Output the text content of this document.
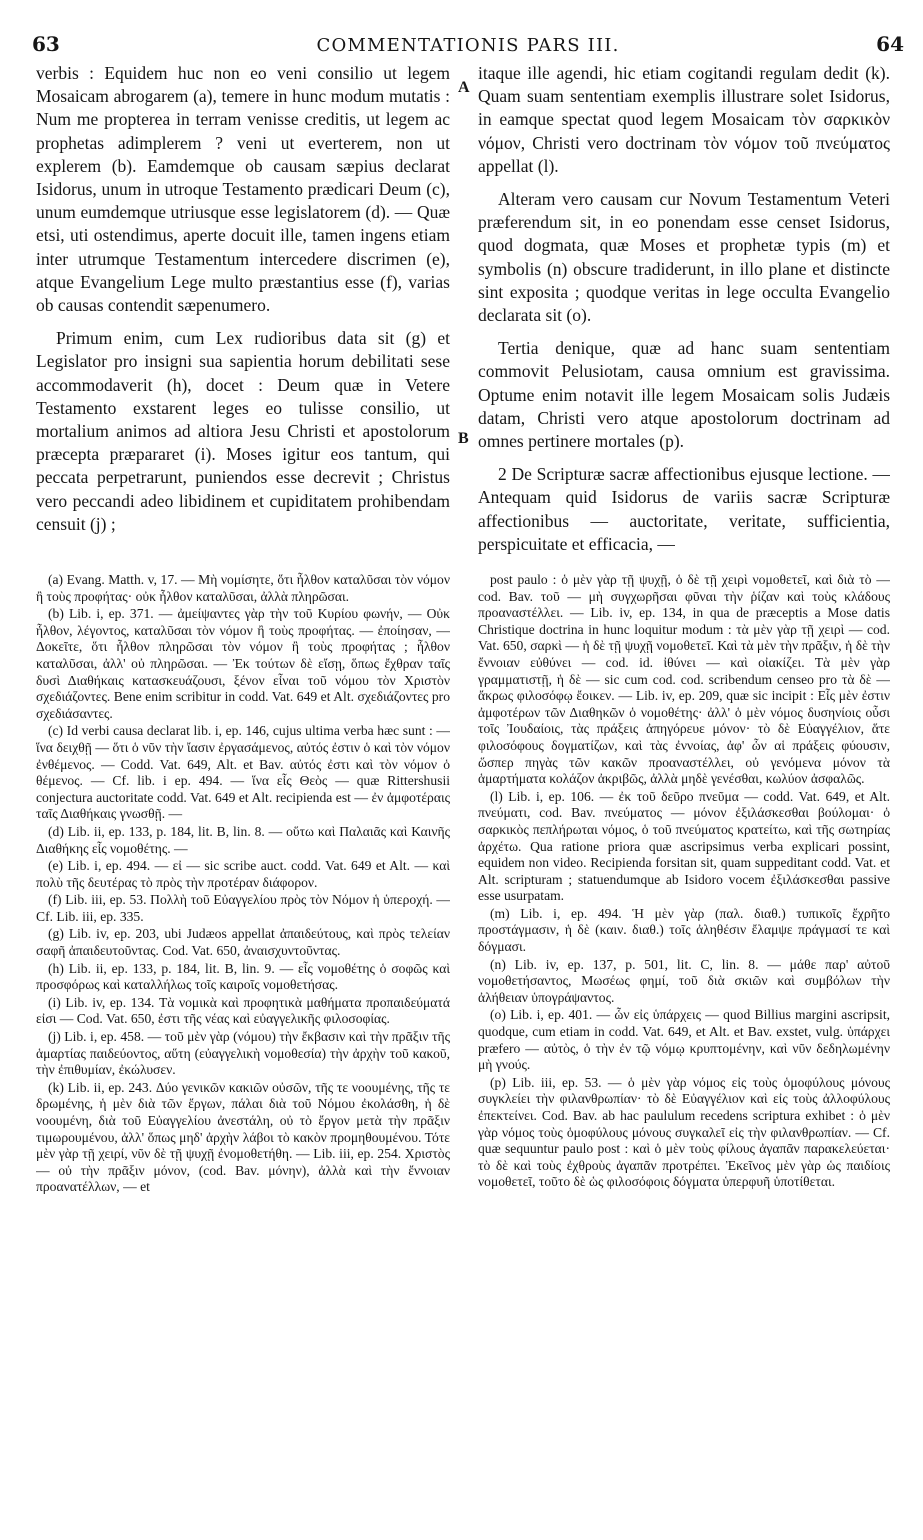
63	COMMENTATIONIS PARS III.	64
A
B

verbis : Equidem huc non eo veni consilio ut legem Mosaicam abrogarem (a), temere in hunc modum mutatis : Num me propterea in terram venisse creditis, ut legem ac prophetas adimplerem ? veni ut everterem, non ut explerem (b). Eamdemque ob causam sæpius declarat Isidorus, unum in utroque Testamento prædicari Deum (c), unum eumdemque utriusque esse legislatorem (d). — Quæ etsi, uti ostendimus, aperte docuit ille, tamen ingens etiam inter utrumque Testamentum intercedere discrimen (e), atque Evangelium Lege multo præstantius esse (f), varias ob causas contendit sæpenumero.

Primum enim, cum Lex rudioribus data sit (g) et Legislator pro insigni sua sapientia horum debilitati sese accommodaverit (h), docet : Deum quæ in Vetere Testamento exstarent leges eo tulisse consilio, ut mortalium animos ad altiora Jesu Christi et apostolorum præcepta præpararet (i). Moses igitur eos tantum, qui peccata perpetrarunt, puniendos esse decrevit ; Christus vero peccandi adeo libidinem et cupiditatem prohibendam censuit (j) ;

itaque ille agendi, hic etiam cogitandi regulam dedit (k). Quam suam sententiam exemplis illustrare solet Isidorus, in eamque spectat quod legem Mosaicam τὸν σαρκικὸν νόμον, Christi vero doctrinam τὸν νόμον τοῦ πνεύματος appellat (l).

Alteram vero causam cur Novum Testamentum Veteri præferendum sit, in eo ponendam esse censet Isidorus, quod dogmata, quæ Moses et prophetæ typis (m) et symbolis (n) obscure tradiderunt, in illo plane et distincte sint exposita ; quodque veritas in lege occulta Evangelio declarata sit (o).

Tertia denique, quæ ad hanc suam sententiam commovit Pelusiotam, causa omnium est gravissima. Optume enim notavit ille legem Mosaicam solis Judæis datam, Christi vero atque apostolorum doctrinam ad omnes pertinere mortales (p).

2 De Scripturæ sacræ affectionibus ejusque lectione. — Antequam quid Isidorus de variis sacræ Scripturæ affectionibus — auctoritate, veritate, sufficientia, perspicuitate et efficacia, —

(a) Evang. Matth. v, 17. — Μὴ νομίσητε, ὅτι ἦλθον καταλῦσαι τὸν νόμον ἢ τοὺς προφήτας· οὐκ ἦλθον καταλῦσαι, ἀλλὰ πληρῶσαι.

(b) Lib. i, ep. 371. — ἀμείψαντες γὰρ τὴν τοῦ Κυρίου φωνήν, — Οὐκ ἦλθον, λέγοντος, καταλῦσαι τὸν νόμον ἢ τοὺς προφήτας. — ἐποίησαν, — Δοκεῖτε, ὅτι ἦλθον πληρῶσαι τὸν νόμον ἢ τοὺς προφήτας ; ἦλθον καταλῦσαι, ἀλλ' οὐ πληρῶσαι. — Ἐκ τούτων δὲ εἴσῃ, ὅπως ἔχθραν ταῖς δυσὶ Διαθήκαις κατασκευάζουσι, ξένον εἶναι τοῦ νόμου τὸν Χριστὸν σχεδιάζοντες. Bene enim scribitur in codd. Vat. 649 et Alt. σχεδιάζοντες pro σχεδιάσαντες.

(c) Id verbi causa declarat lib. i, ep. 146, cujus ultima verba hæc sunt : — ἵνα δειχθῇ — ὅτι ὁ νῦν τὴν ἴασιν ἐργασάμενος, αὐτός ἐστιν ὁ καὶ τὸν νόμον ἐνθέμενος. — Codd. Vat. 649, Alt. et Bav. αὐτός ἐστι καὶ τὸν νόμον ὁ θέμενος. — Cf. lib. i ep. 494. — ἵνα εἷς Θεὸς — quæ Rittershusii conjectura auctoritate codd. Vat. 649 et Alt. recipienda est — ἐν ἀμφοτέραις ταῖς Διαθήκαις γνωσθῇ. —

(d) Lib. ii, ep. 133, p. 184, lit. B, lin. 8. — οὕτω καὶ Παλαιᾶς καὶ Καινῆς Διαθήκης εἷς νομοθέτης. —

(e) Lib. i, ep. 494. — εἰ — sic scribe auct. codd. Vat. 649 et Alt. — καὶ πολὺ τῆς δευτέρας τὸ πρὸς τὴν προτέραν διάφορον.

(f) Lib. iii, ep. 53. Πολλὴ τοῦ Εὐαγγελίου πρὸς τὸν Νόμον ἡ ὑπεροχή. — Cf. Lib. iii, ep. 335.

(g) Lib. iv, ep. 203, ubi Judæos appellat ἀπαιδεύτους, καὶ πρὸς τελείαν σαφῆ ἀπαιδευτοῦντας. Cod. Vat. 650, ἀναισχυντοῦντας.

(h) Lib. ii, ep. 133, p. 184, lit. B, lin. 9. — εἷς νομοθέτης ὁ σοφῶς καὶ προσφόρως καὶ καταλλήλως τοῖς καιροῖς νομοθετήσας.

(i) Lib. iv, ep. 134. Τὰ νομικὰ καὶ προφητικὰ μαθήματα προπαιδεύματά εἰσι — Cod. Vat. 650, ἐστι τῆς νέας καὶ εὐαγγελικῆς φιλοσοφίας.

(j) Lib. i, ep. 458. — τοῦ μὲν γὰρ (νόμου) τὴν ἔκβασιν καὶ τὴν πρᾶξιν τῆς ἁμαρτίας παιδεύοντος, αὕτη (εὐαγγελικὴ νομοθεσία) τὴν ἀρχὴν τοῦ κακοῦ, τὴν ἐπιθυμίαν, ἐκώλυσεν.

(k) Lib. ii, ep. 243. Δύο γενικῶν κακιῶν οὐσῶν, τῆς τε νοουμένης, τῆς τε δρωμένης, ἡ μὲν διὰ τῶν ἔργων, πάλαι διὰ τοῦ Νόμου ἐκολάσθη, ἡ δὲ νοουμένη, διὰ τοῦ Εὐαγγελίου ἀνεστάλη, οὐ τὸ ἔργον μετὰ τὴν πρᾶξιν τιμωρουμένου, ἀλλ' ὅπως μηδ' ἀρχὴν λάβοι τὸ κακὸν προμηθουμένου. Τότε μὲν γὰρ τῇ χειρί, νῦν δὲ τῇ ψυχῇ ἐνομοθετήθη. — Lib. iii, ep. 254. Χριστὸς — οὐ τὴν πρᾶξιν μόνον, (cod. Bav. μόνην), ἀλλὰ καὶ τὴν ἔννοιαν προανατέλλων, — et

post paulo : ὁ μὲν γὰρ τῇ ψυχῇ, ὁ δὲ τῇ χειρὶ νομοθετεῖ, καὶ διὰ τὸ — cod. Bav. τοῦ — μὴ συγχωρῆσαι φῦναι τὴν ῥίζαν καὶ τοὺς κλάδους προαναστέλλει. — Lib. iv, ep. 134, in qua de præceptis a Mose datis Christique doctrina in hunc loquitur modum : τὰ μὲν γὰρ τῇ χειρὶ — cod. Vat. 650, σαρκὶ — ἡ δὲ τῇ ψυχῇ νομοθετεῖ. Καὶ τὰ μὲν τὴν πρᾶξιν, ἡ δὲ τὴν ἔννοιαν εὐθύνει — cod. id. ἰθύνει — καὶ οἰακίζει. Τὰ μὲν γὰρ γραμματιστῇ, ἡ δὲ — sic cum cod. cod. scribendum censeo pro τὰ δὲ — ἄκρως φιλοσόφῳ ἔοικεν. — Lib. iv, ep. 209, quæ sic incipit : Εἷς μὲν ἐστιν ἀμφοτέρων τῶν Διαθηκῶν ὁ νομοθέτης· ἀλλ' ὁ μὲν νόμος δυσηνίοις οὖσι τοῖς Ἰουδαίοις, τὰς πράξεις ἀπηγόρευε μόνον· τὸ δὲ Εὐαγγέλιον, ἅτε φιλοσόφους δογματίζων, καὶ τὰς ἐννοίας, ἀφ' ὧν αἱ πράξεις φύουσιν, ὥσπερ πηγὰς τῶν κακῶν προαναστέλλει, οὐ γενόμενα μόνον τὰ ἁμαρτήματα κολάζον ἀκριβῶς, ἀλλὰ μηδὲ γενέσθαι, κωλύον ἀσφαλῶς.

(l) Lib. i, ep. 106. — ἐκ τοῦ δεῦρο πνεῦμα — codd. Vat. 649, et Alt. πνεύματι, cod. Bav. πνεύματος — μόνον ἐξιλάσκεσθαι βούλομαι· ὁ σαρκικὸς πεπλήρωται νόμος, ὁ τοῦ πνεύματος κρατείτω, καὶ τῆς σωτηρίας ἀρχέτω. Qua ratione priora quæ ascripsimus verba explicari possint, equidem non video. Recipienda forsitan sit, quam suppeditant codd. Vat. et Alt. scripturam ; statuendumque ab Isidoro vocem ἐξιλάσκεσθαι passive esse usurpatam.

(m) Lib. i, ep. 494. Ἡ μὲν γὰρ (παλ. διαθ.) τυπικοῖς ἔχρῆτο προστάγμασιν, ἡ δὲ (καιν. διαθ.) τοῖς ἀληθέσιν ἔλαμψε πράγμασί τε καὶ δόγμασι.

(n) Lib. iv, ep. 137, p. 501, lit. C, lin. 8. — μάθε παρ' αὐτοῦ νομοθετήσαντος, Μωσέως φημί, τοῦ διὰ σκιῶν καὶ συμβόλων τὴν ἀλήθειαν ὑπογράψαντος.

(o) Lib. i, ep. 401. — ὧν εἰς ὑπάρχεις — quod Billius margini ascripsit, quodque, cum etiam in codd. Vat. 649, et Alt. et Bav. exstet, vulg. ὑπάρχει præfero — αὐτὸς, ὁ τὴν ἐν τῷ νόμῳ κρυπτομένην, καὶ νῦν δεδηλωμένην μὴ γνούς.

(p) Lib. iii, ep. 53. — ὁ μὲν γὰρ νόμος εἰς τοὺς ὁμοφύλους μόνους συγκλείει τὴν φιλανθρωπίαν· τὸ δὲ Εὐαγγέλιον καὶ εἰς τοὺς ἀλλοφύλους ἐπεκτείνει. Cod. Bav. ab hac paululum recedens scriptura exhibet : ὁ μὲν γὰρ νόμος τοὺς ὁμοφύλους μόνους συγκαλεῖ εἰς τὴν φιλανθρωπίαν. — Cf. quæ sequuntur paulo post : καὶ ὁ μὲν τοὺς φίλους ἀγαπᾶν παρακελεύεται· τὸ δὲ καὶ τοὺς ἐχθροὺς ἀγαπᾶν προτρέπει. Ἐκεῖνος μὲν γὰρ ὡς παιδίοις νομοθετεῖ, τοῦτο δὲ ὡς φιλοσόφοις δόγματα ὑπερφυῆ ὑποτίθεται.
